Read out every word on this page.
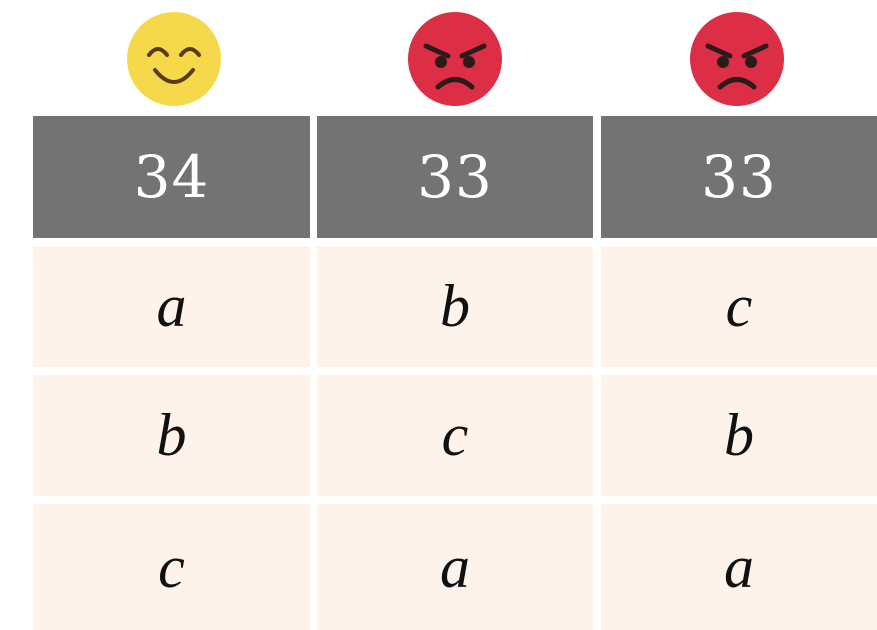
34	33	33
a
b
c
b
c
a
c
b
a
